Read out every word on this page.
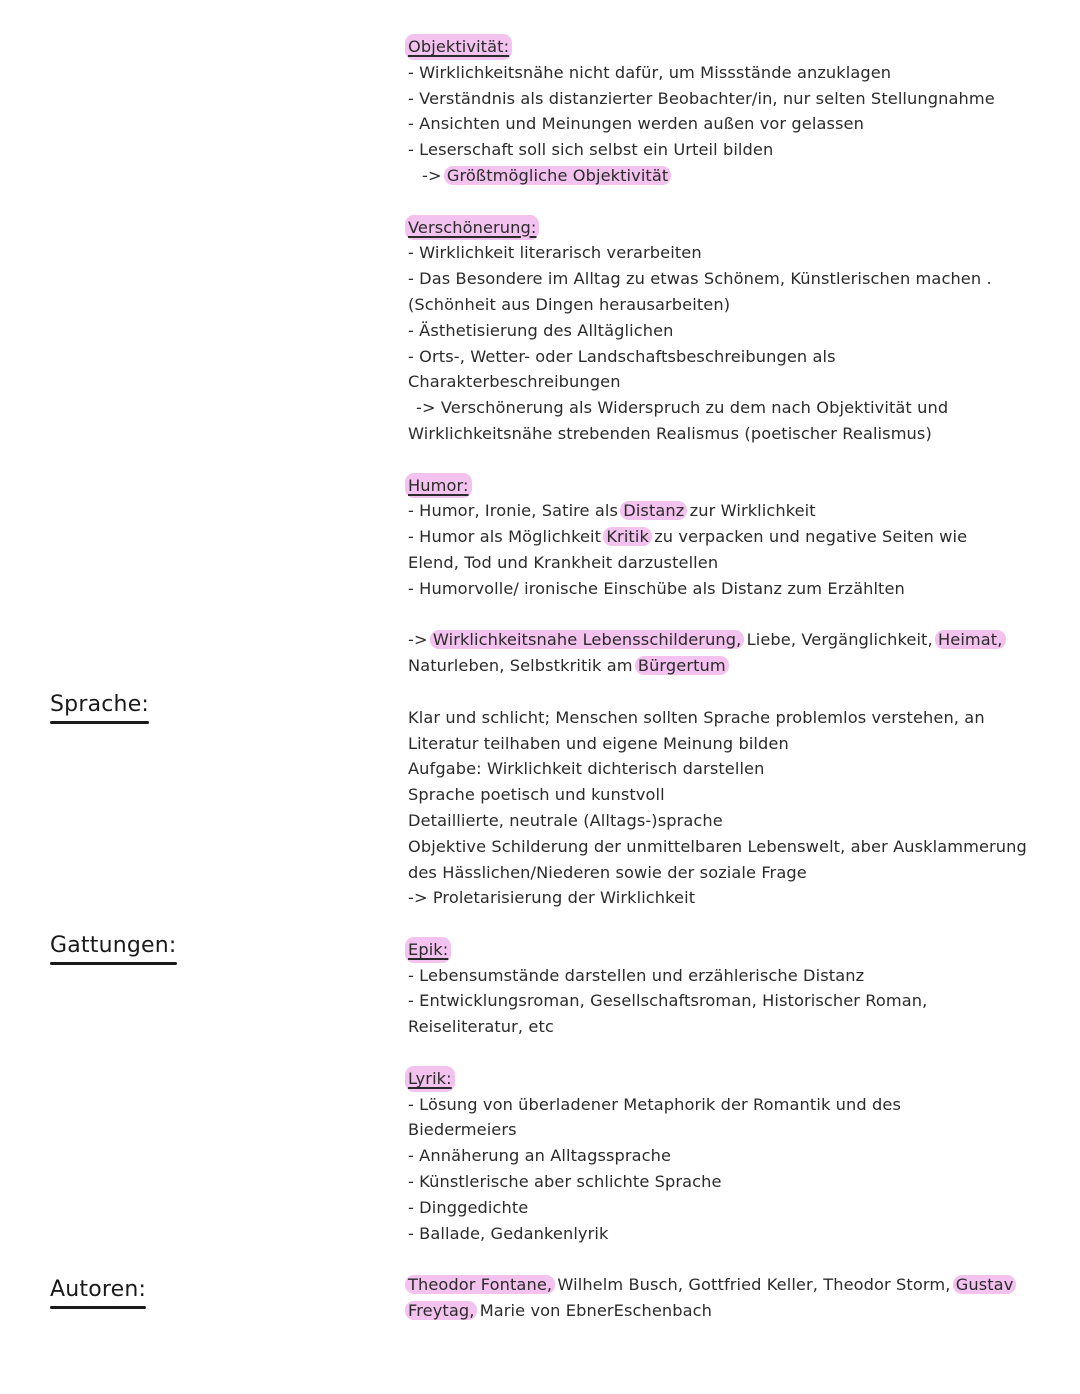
Sprache:
Gattungen:
Autoren:
Objektivität:
- Wirklichkeitsnähe nicht dafür, um Missstände anzuklagen
- Verständnis als distanzierter Beobachter/in, nur selten Stellungnahme
- Ansichten und Meinungen werden außen vor gelassen
- Leserschaft soll sich selbst ein Urteil bilden
-> Größtmögliche Objektivität
Verschönerung:
- Wirklichkeit literarisch verarbeiten
- Das Besondere im Alltag zu etwas Schönem, Künstlerischen machen .
(Schönheit aus Dingen herausarbeiten)
- Ästhetisierung des Alltäglichen
- Orts-, Wetter- oder Landschaftsbeschreibungen als
Charakterbeschreibungen
-> Verschönerung als Widerspruch zu dem nach Objektivität und
Wirklichkeitsnähe strebenden Realismus (poetischer Realismus)
Humor:
- Humor, Ironie, Satire als Distanz zur Wirklichkeit
- Humor als Möglichkeit Kritik zu verpacken und negative Seiten wie
Elend, Tod und Krankheit darzustellen
- Humorvolle/ ironische Einschübe als Distanz zum Erzählten
-> Wirklichkeitsnahe Lebensschilderung, Liebe, Vergänglichkeit, Heimat,
Naturleben, Selbstkritik am Bürgertum
Klar und schlicht; Menschen sollten Sprache problemlos verstehen, an
Literatur teilhaben und eigene Meinung bilden
Aufgabe: Wirklichkeit dichterisch darstellen
Sprache poetisch und kunstvoll
Detaillierte, neutrale (Alltags-)sprache
Objektive Schilderung der unmittelbaren Lebenswelt, aber Ausklammerung
des Hässlichen/Niederen sowie der soziale Frage
-> Proletarisierung der Wirklichkeit
Epik:
- Lebensumstände darstellen und erzählerische Distanz
- Entwicklungsroman, Gesellschaftsroman, Historischer Roman,
Reiseliteratur, etc
Lyrik:
- Lösung von überladener Metaphorik der Romantik und des
Biedermeiers
- Annäherung an Alltagssprache
- Künstlerische aber schlichte Sprache
- Dinggedichte
- Ballade, Gedankenlyrik
Theodor Fontane, Wilhelm Busch, Gottfried Keller, Theodor Storm, Gustav
Freytag, Marie von EbnerEschenbach
